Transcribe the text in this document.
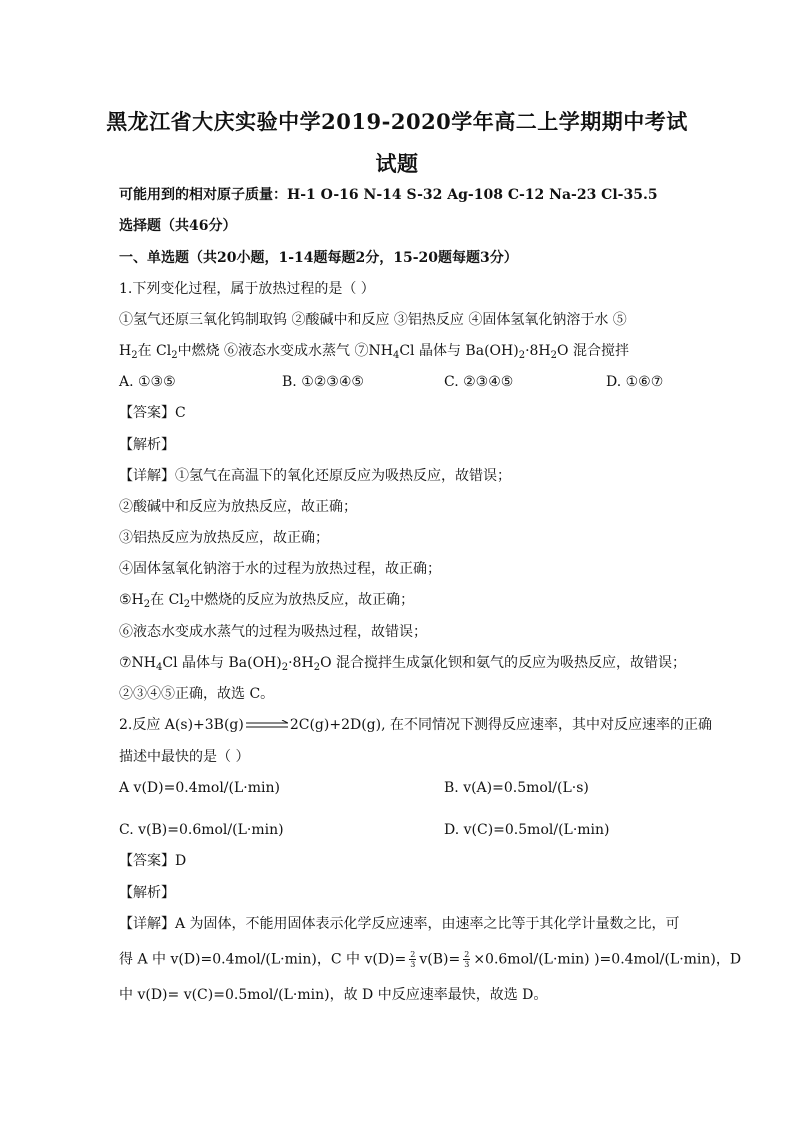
黑龙江省大庆实验中学2019-2020学年高二上学期期中考试
试题
可能用到的相对原子质量：H-1 O-16 N-14 S-32 Ag-108 C-12 Na-23 Cl-35.5
选择题（共46分）
一、单选题（共20小题，1-14题每题2分，15-20题每题3分）
1.下列变化过程，属于放热过程的是（ ）
①氢气还原三氧化钨制取钨 ②酸碱中和反应 ③铝热反应 ④固体氢氧化钠溶于水 ⑤
$H_2$在 $Cl_2$中燃烧 ⑥液态水变成水蒸气 $⑦NH_4Cl$ 晶体与 $Ba(OH)_2\cdot 8H_2O$ 混合搅拌
A. ①③⑤	B. ①②③④⑤	C. ②③④⑤	D. ①⑥⑦
【答案】C
【解析】
【详解】①氢气在高温下的氧化还原反应为吸热反应，故错误；
②酸碱中和反应为放热反应，故正确；
③铝热反应为放热反应，故正确；
④固体氢氧化钠溶于水的过程为放热过程，故正确；
$⑤H_2$在 $Cl_2$中燃烧的反应为放热反应，故正确；
⑥液态水变成水蒸气的过程为吸热过程，故错误；
$⑦NH_4Cl$ 晶体与 $Ba(OH)_2\cdot 8H_2O$ 混合搅拌生成氯化钡和氨气的反应为吸热反应，故错误；
②③④⑤正确，故选 C。
2.反应 A(s)+3B(g)	2C(g)+2D(g), 在不同情况下测得反应速率，其中对反应速率的正确
描述中最快的是（ ）
A v(D)=0.4mol/(L·min)	B. v(A)=0.5mol/(L·s)
C. v(B)=0.6mol/(L·min)	D. v(C)=0.5mol/(L·min)
【答案】D
【解析】
【详解】A 为固体，不能用固体表示化学反应速率，由速率之比等于其化学计量数之比，可
得 A 中 v(D)=0.4mol/(L·min)，C 中 $v(D)= \frac{2}{3} v(B)= \frac{2}{3} \times 0.6mol/(L\cdot\min)$ )=0.4mol/(L·min)，D
中 v(D)= v(C)=0.5mol/(L·min)，故 D 中反应速率最快，故选 D。
